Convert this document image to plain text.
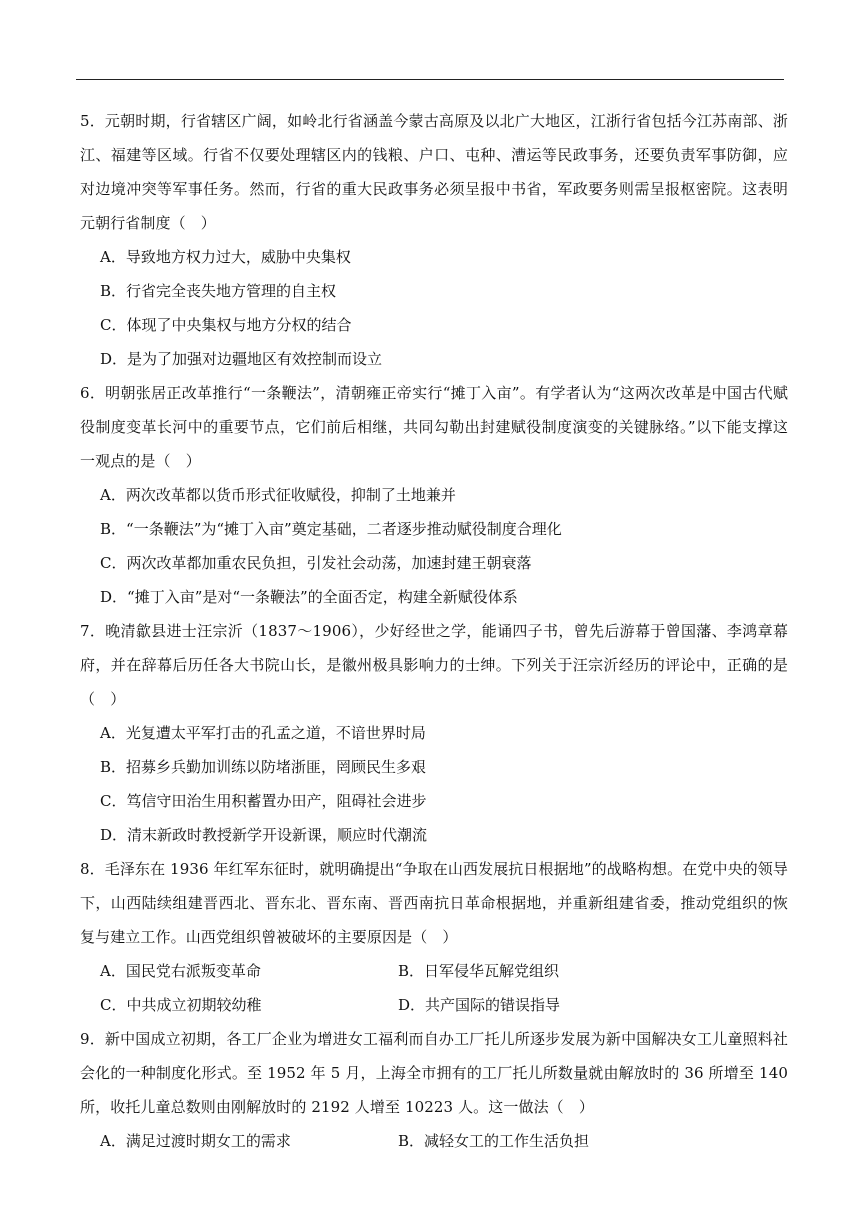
5．元朝时期，行省辖区广阔，如岭北行省涵盖今蒙古高原及以北广大地区，江浙行省包括今江苏南部、浙江、福建等区域。行省不仅要处理辖区内的钱粮、户口、屯种、漕运等民政事务，还要负责军事防御，应对边境冲突等军事任务。然而，行省的重大民政事务必须呈报中书省，军政要务则需呈报枢密院。这表明元朝行省制度（　）

A．导致地方权力过大，威胁中央集权

B．行省完全丧失地方管理的自主权

C．体现了中央集权与地方分权的结合

D．是为了加强对边疆地区有效控制而设立

6．明朝张居正改革推行“一条鞭法”，清朝雍正帝实行“摊丁入亩”。有学者认为“这两次改革是中国古代赋役制度变革长河中的重要节点，它们前后相继，共同勾勒出封建赋役制度演变的关键脉络。”以下能支撑这一观点的是（　）

A．两次改革都以货币形式征收赋役，抑制了土地兼并

B．“一条鞭法”为“摊丁入亩”奠定基础，二者逐步推动赋役制度合理化

C．两次改革都加重农民负担，引发社会动荡，加速封建王朝衰落

D．“摊丁入亩”是对“一条鞭法”的全面否定，构建全新赋役体系

7．晚清歙县进士汪宗沂（1837～1906），少好经世之学，能诵四子书，曾先后游幕于曾国藩、李鸿章幕府，并在辞幕后历任各大书院山长，是徽州极具影响力的士绅。下列关于汪宗沂经历的评论中，正确的是（　）

A．光复遭太平军打击的孔孟之道，不谙世界时局

B．招募乡兵勤加训练以防堵浙匪，罔顾民生多艰

C．笃信守田治生用积蓄置办田产，阻碍社会进步

D．清末新政时教授新学开设新课，顺应时代潮流

8．毛泽东在 1936 年红军东征时，就明确提出“争取在山西发展抗日根据地”的战略构想。在党中央的领导下，山西陆续组建晋西北、晋东北、晋东南、晋西南抗日革命根据地，并重新组建省委，推动党组织的恢复与建立工作。山西党组织曾被破坏的主要原因是（　）

A．国民党右派叛变革命	B．日军侵华瓦解党组织

C．中共成立初期较幼稚	D．共产国际的错误指导

9．新中国成立初期，各工厂企业为增进女工福利而自办工厂托儿所逐步发展为新中国解决女工儿童照料社会化的一种制度化形式。至 1952 年 5 月，上海全市拥有的工厂托儿所数量就由解放时的 36 所增至 140 所，收托儿童总数则由刚解放时的 2192 人增至 10223 人。这一做法（　）

A．满足过渡时期女工的需求	B．减轻女工的工作生活负担
